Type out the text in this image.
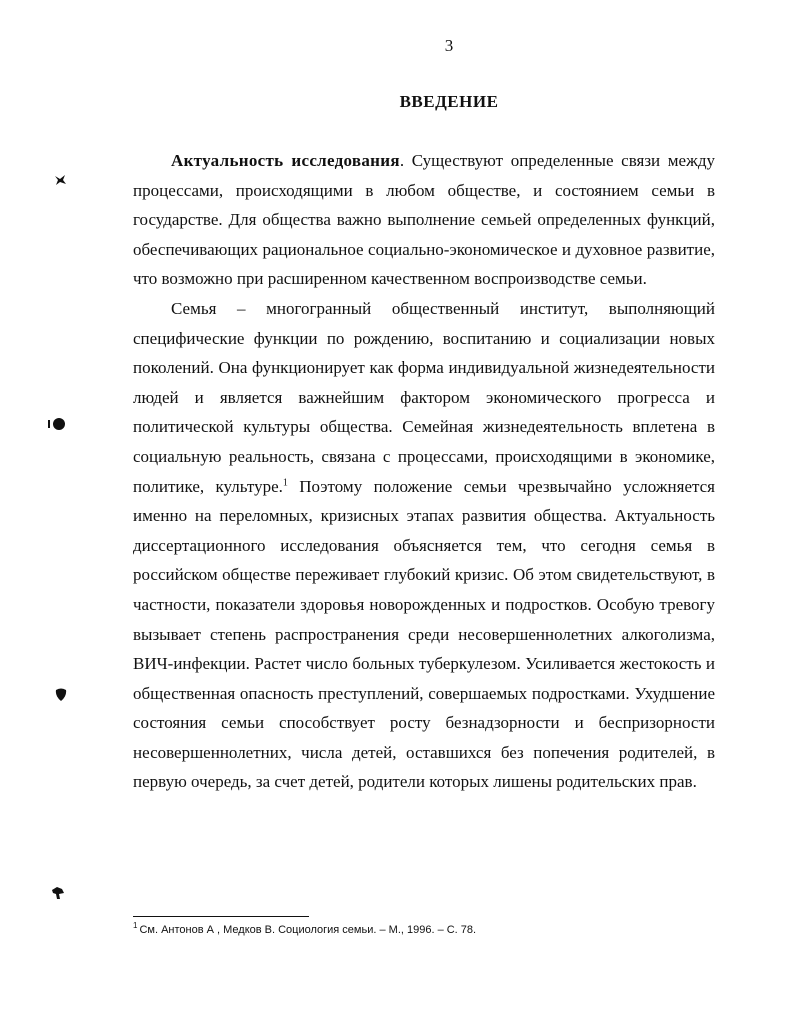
3
ВВЕДЕНИЕ

Актуальность исследования. Существуют определенные связи между процессами, происходящими в любом обществе, и состоянием семьи в государстве. Для общества важно выполнение семьей определенных функций, обеспечивающих рациональное социально-экономическое и духовное развитие, что возможно при расширенном качественном воспроизводстве семьи.

Семья – многогранный общественный институт, выполняющий специфические функции по рождению, воспитанию и социализации новых поколений. Она функционирует как форма индивидуальной жизнедеятельности людей и является важнейшим фактором экономического прогресса и политической культуры общества. Семейная жизнедеятельность вплетена в социальную реальность, связана с процессами, происходящими в экономике, политике, культуре.$^1$ Поэтому положение семьи чрезвычайно усложняется именно на переломных, кризисных этапах развития общества. Актуальность диссертационного исследования объясняется тем, что сегодня семья в российском обществе переживает глубокий кризис. Об этом свидетельствуют, в частности, показатели здоровья новорожденных и подростков. Особую тревогу вызывает степень распространения среди несовершеннолетних алкоголизма, ВИЧ-инфекции. Растет число больных туберкулезом. Усиливается жестокость и общественная опасность преступлений, совершаемых подростками. Ухудшение состояния семьи способствует росту безнадзорности и беспризорности несовершеннолетних, числа детей, оставшихся без попечения родителей, в первую очередь, за счет детей, родители которых лишены родительских прав.

$^1$ См. Антонов А , Медков В. Социология семьи. – М., 1996. – С. 78.
